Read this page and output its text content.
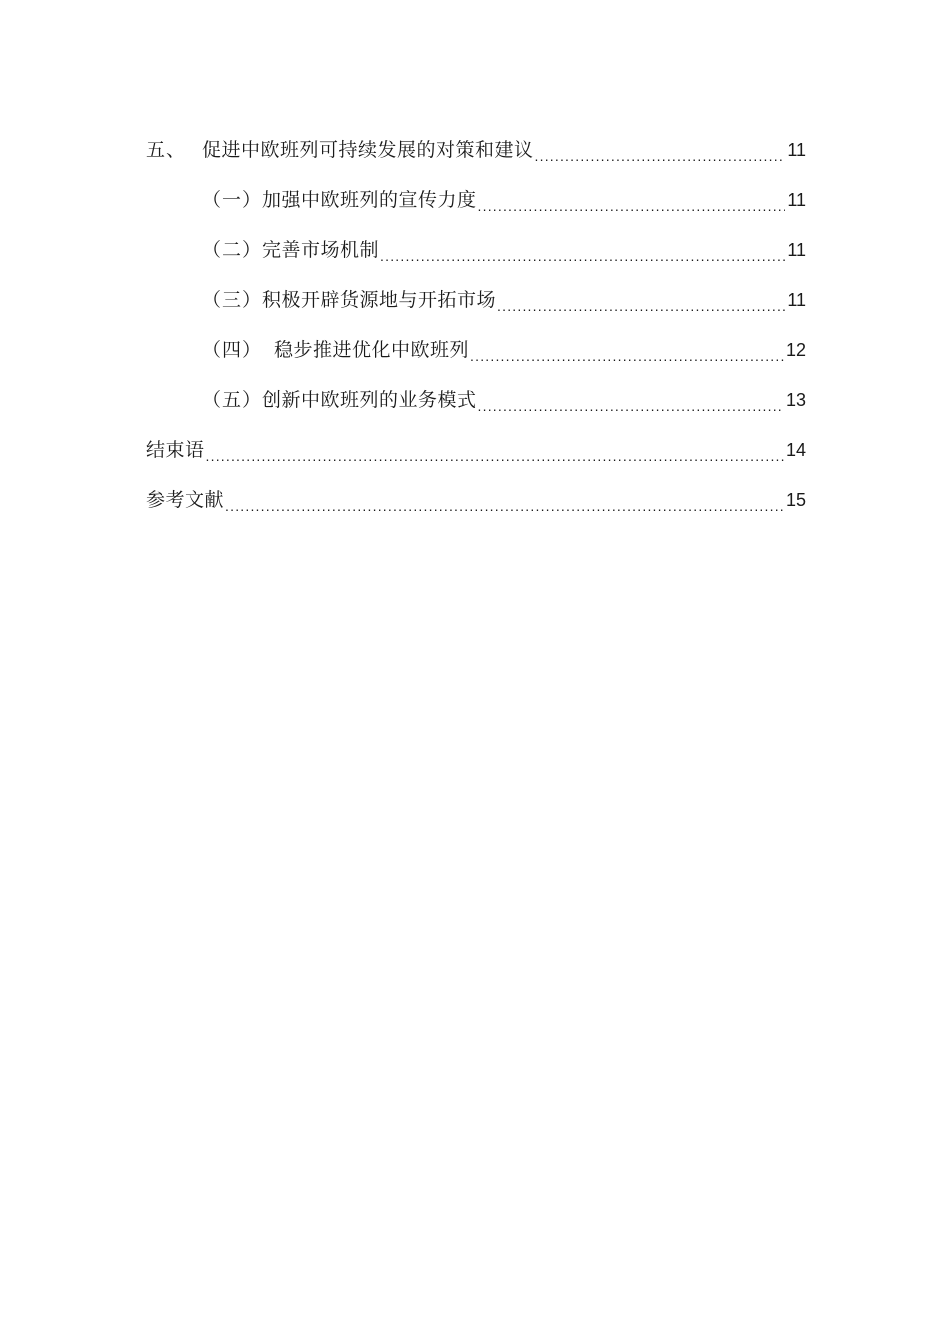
五、 促进中欧班列可持续发展的对策和建议 .....	11
（一） 加强中欧班列的宣传力度 .....	11
（二） 完善市场机制 .....	11
（三） 积极开辟货源地与开拓市场 .....	11
（四） 稳步推进优化中欧班列 .....	12
（五） 创新中欧班列的业务模式 .....	13
结束语 .....	14
参考文献 .....	15
